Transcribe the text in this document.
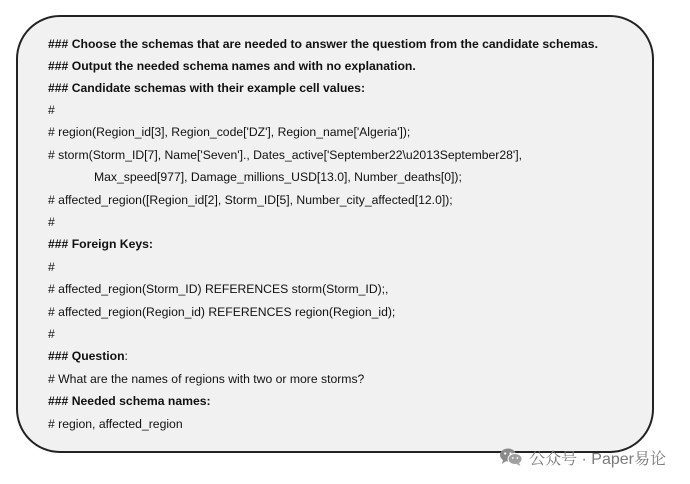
### Choose the schemas that are needed to answer the questiom from the candidate schemas.
### Output the needed schema names and with no explanation.
### Candidate schemas with their example cell values:
#
# region(Region_id[3], Region_code['DZ'], Region_name['Algeria']);
# storm(Storm_ID[7], Name['Seven']., Dates_active['September22\u2013September28'],
Max_speed[977], Damage_millions_USD[13.0], Number_deaths[0]);
# affected_region([Region_id[2], Storm_ID[5], Number_city_affected[12.0]);
#
### Foreign Keys:
#
# affected_region(Storm_ID) REFERENCES storm(Storm_ID);,
# affected_region(Region_id) REFERENCES region(Region_id);
#
### Question:
# What are the names of regions with two or more storms?
### Needed schema names:
# region, affected_region
公众号 · Paper易论
